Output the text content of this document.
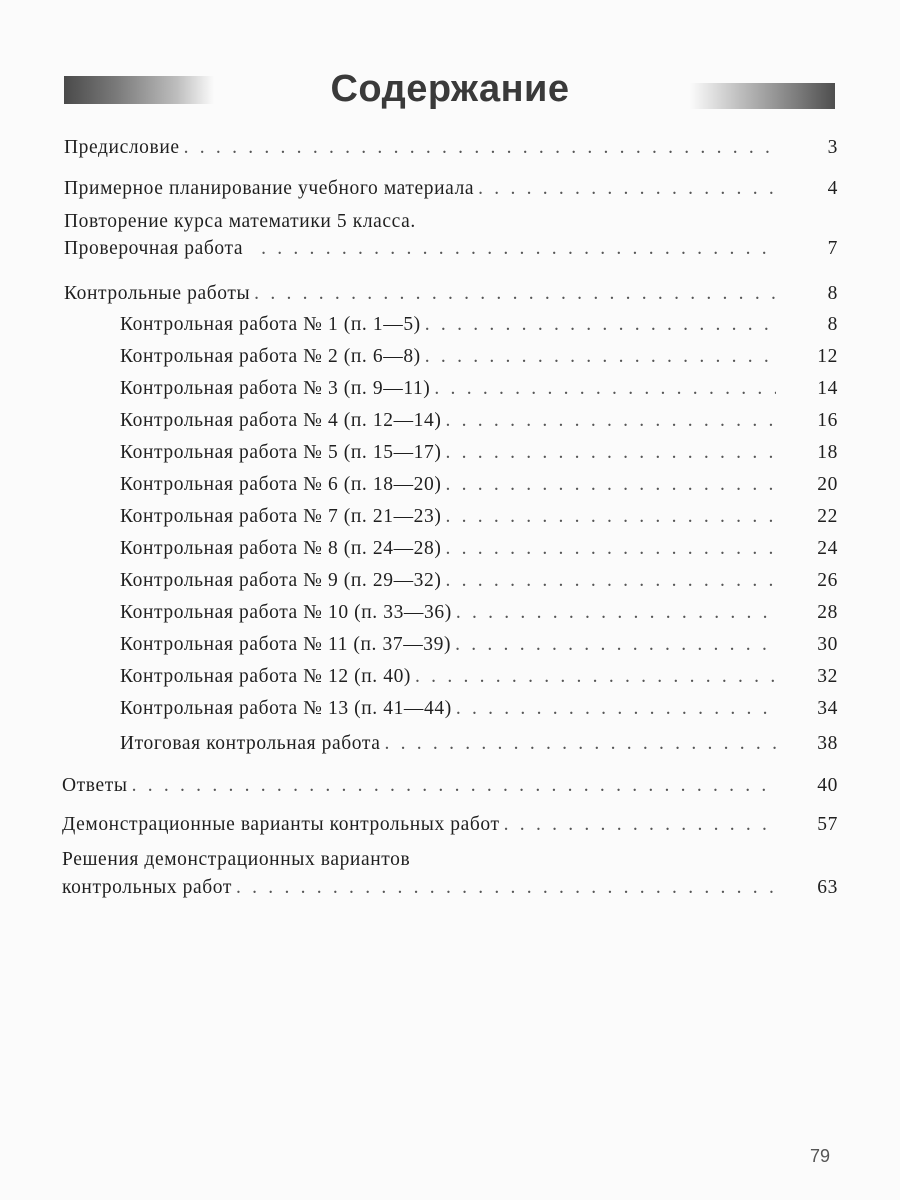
Содержание
Предисловие . . .	3
Примерное планирование учебного материала . . .	4
Повторение курса математики 5 класса.
Проверочная работа . . .	7
Контрольные работы . . .	8
Контрольная работа № 1 (п. 1—5) . . .	8
Контрольная работа № 2 (п. 6—8) . . .	12
Контрольная работа № 3 (п. 9—11) . . .	14
Контрольная работа № 4 (п. 12—14) . . .	16
Контрольная работа № 5 (п. 15—17) . . .	18
Контрольная работа № 6 (п. 18—20) . . .	20
Контрольная работа № 7 (п. 21—23) . . .	22
Контрольная работа № 8 (п. 24—28) . . .	24
Контрольная работа № 9 (п. 29—32) . . .	26
Контрольная работа № 10 (п. 33—36) . . .	28
Контрольная работа № 11 (п. 37—39) . . .	30
Контрольная работа № 12 (п. 40) . . .	32
Контрольная работа № 13 (п. 41—44) . . .	34
Итоговая контрольная работа . . .	38
Ответы . . .	40
Демонстрационные варианты контрольных работ . . .	57
Решения демонстрационных вариантов
контрольных работ . . .	63
79
